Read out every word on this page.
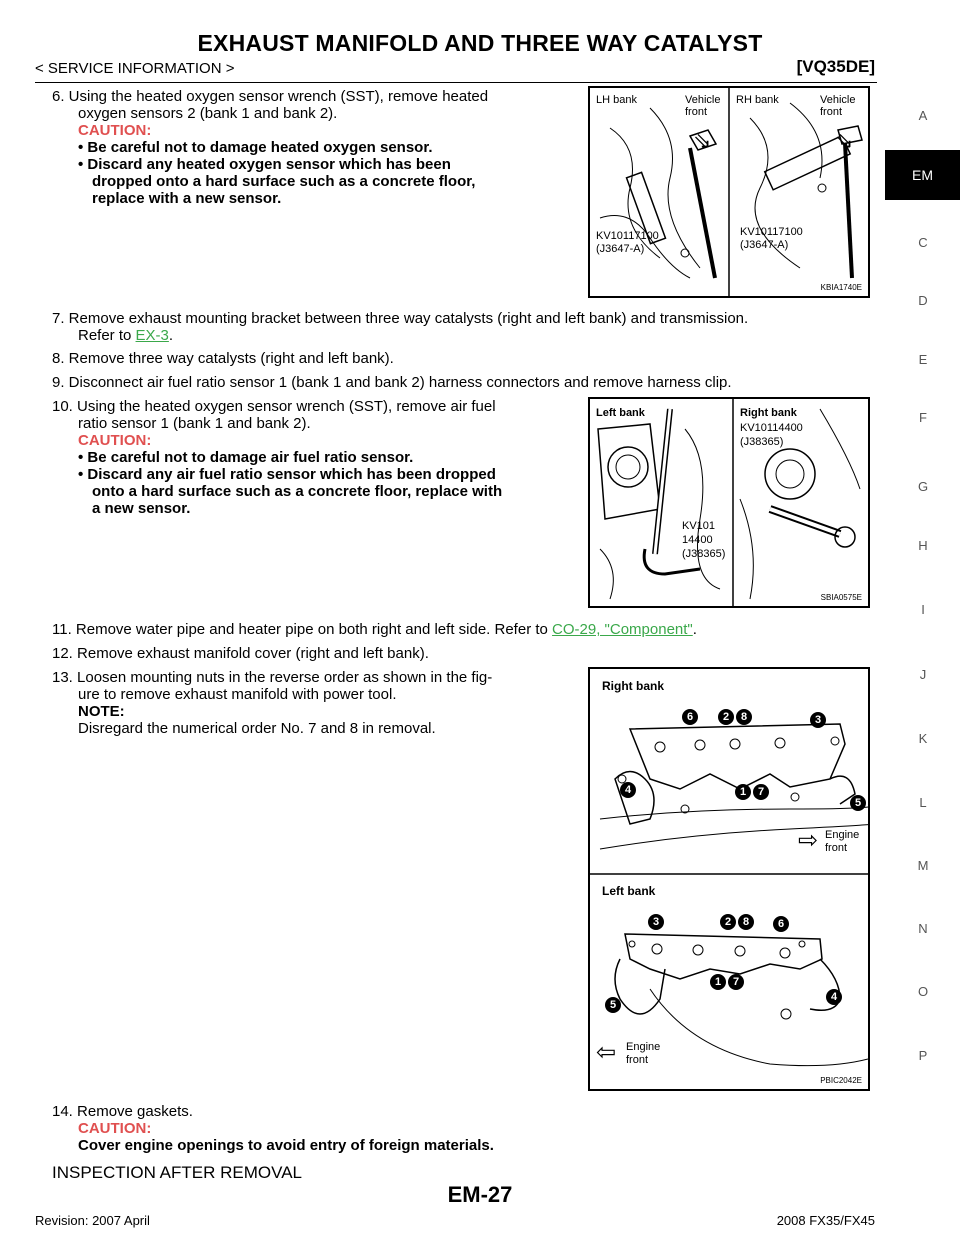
EXHAUST MANIFOLD AND THREE WAY CATALYST
< SERVICE INFORMATION >	[VQ35DE]
A
EM
C
D
E
F
G
H
I
J
K
L
M
N
O
P
6. Using the heated oxygen sensor wrench (SST), remove heated
oxygen sensors 2 (bank 1 and bank 2).
CAUTION:
• Be careful not to damage heated oxygen sensor.
• Discard any heated oxygen sensor which has been
dropped onto a hard surface such as a concrete floor,
replace with a new sensor.
LH bank	Vehicle
front
RH bank	Vehicle
front
⇘	⇘
KV10117100
(J3647-A)
KV10117100
(J3647-A)
KBIA1740E
7. Remove exhaust mounting bracket between three way catalysts (right and left bank) and transmission.
Refer to EX-3.
8. Remove three way catalysts (right and left bank).
9. Disconnect air fuel ratio sensor 1 (bank 1 and bank 2) harness connectors and remove harness clip.
10. Using the heated oxygen sensor wrench (SST), remove air fuel
ratio sensor 1 (bank 1 and bank 2).
CAUTION:
• Be careful not to damage air fuel ratio sensor.
• Discard any air fuel ratio sensor which has been dropped
onto a hard surface such as a concrete floor, replace with
a new sensor.
Left bank	Right bank
KV10114400
(J38365)
KV101
14400
(J38365)
SBIA0575E
11. Remove water pipe and heater pipe on both right and left side. Refer to CO-29, "Component".
12. Remove exhaust manifold cover (right and left bank).
13. Loosen mounting nuts in the reverse order as shown in the fig-
ure to remove exhaust manifold with power tool.
NOTE:
Disregard the numerical order No. 7 and 8 in removal.
Right bank
Left bank
6	2	8	3
4	1	7
5
⇨ Engine
front
3	2	8	6
1	7
4
5
⇦ Engine
front
PBIC2042E
14. Remove gaskets.
CAUTION:
Cover engine openings to avoid entry of foreign materials.
INSPECTION AFTER REMOVAL
EM-27
Revision: 2007 April	2008 FX35/FX45
